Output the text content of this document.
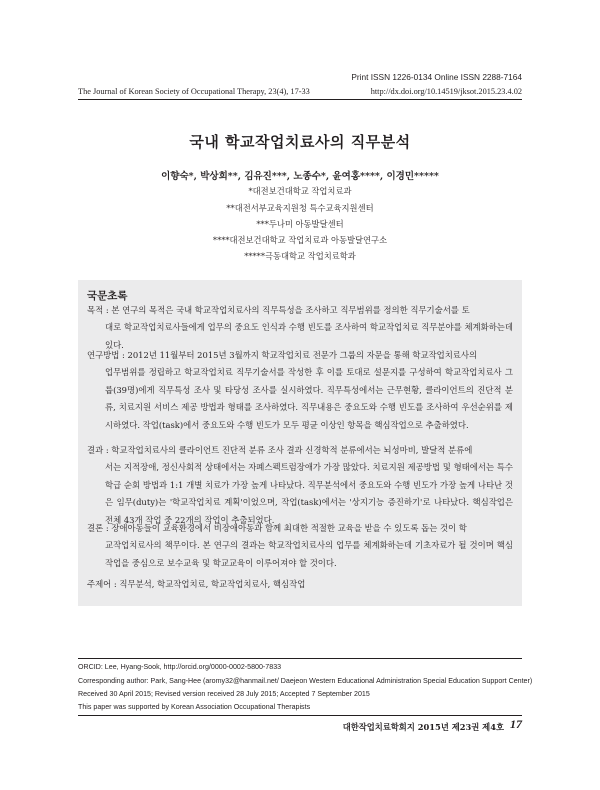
Print ISSN 1226-0134 Online ISSN 2288-7164
The Journal of Korean Society of Occupational Therapy, 23(4), 17-33	http://dx.doi.org/10.14519/jksot.2015.23.4.02
국내 학교작업치료사의 직무분석
이향숙*, 박상희**, 김유진***, 노종수*, 윤여홍****, 이경민*****
*대전보건대학교 작업치료과
**대전서부교육지원청 특수교육지원센터
***두나미 아동발달센터
****대전보건대학교 작업치료과 아동발달연구소
*****극동대학교 작업치료학과
국문초록
목적 : 본 연구의 목적은 국내 학교작업치료사의 직무특성을 조사하고 직무범위를 정의한 직무기술서를 토
대로 학교작업치료사들에게 업무의 중요도 인식과 수행 빈도를 조사하여 학교작업치료 직무분야를 체계화하는데 있다.
연구방법 : 2012년 11월부터 2015년 3월까지 학교작업치료 전문가 그룹의 자문을 통해 학교작업치료사의
업무범위를 정립하고 학교작업치료 직무기술서를 작성한 후 이를 토대로 설문지를 구성하여 학교작업치료사 그룹(39명)에게 직무특성 조사 및 타당성 조사를 실시하였다. 직무특성에서는 근무현황, 클라이언트의 진단적 분류, 치료지원 서비스 제공 방법과 형태를 조사하였다. 직무내용은 중요도와 수행 빈도를 조사하여 우선순위를 제시하였다. 작업(task)에서 중요도와 수행 빈도가 모두 평균 이상인 항목을 핵심작업으로 추출하였다.
결과 : 학교작업치료사의 클라이언트 진단적 분류 조사 결과 신경학적 분류에서는 뇌성마비, 발달적 분류에
서는 지적장애, 정신사회적 상태에서는 자폐스펙트럼장애가 가장 많았다. 치료지원 제공방법 및 형태에서는 특수학급 순회 방법과 1:1 개별 치료가 가장 높게 나타났다. 직무분석에서 중요도와 수행 빈도가 가장 높게 나타난 것은 임무(duty)는 '학교작업치료 계획'이었으며, 작업(task)에서는 '상지기능 증진하기'로 나타났다. 핵심작업은 전체 43개 작업 중 22개의 작업이 추출되었다.
결론 : 장애아동들이 교육환경에서 비장애아동과 함께 최대한 적절한 교육을 받을 수 있도록 돕는 것이 학
교작업치료사의 책무이다. 본 연구의 결과는 학교작업치료사의 업무를 체계화하는데 기초자료가 될 것이며 핵심작업을 중심으로 보수교육 및 학교교육이 이루어져야 할 것이다.
주제어 : 직무분석, 학교작업치료, 학교작업치료사, 핵심작업
ORCID: Lee, Hyang-Sook, http://orcid.org/0000-0002-5800-7833
Corresponding author: Park, Sang-Hee (aromy32@hanmail.net/ Daejeon Western Educational Administration Special Education Support Center)
Received 30 April 2015; Revised version received 28 July 2015; Accepted 7 September 2015
This paper was supported by Korean Association Occupational Therapists
대한작업치료학회지 2015년 제23권 제4호 17
